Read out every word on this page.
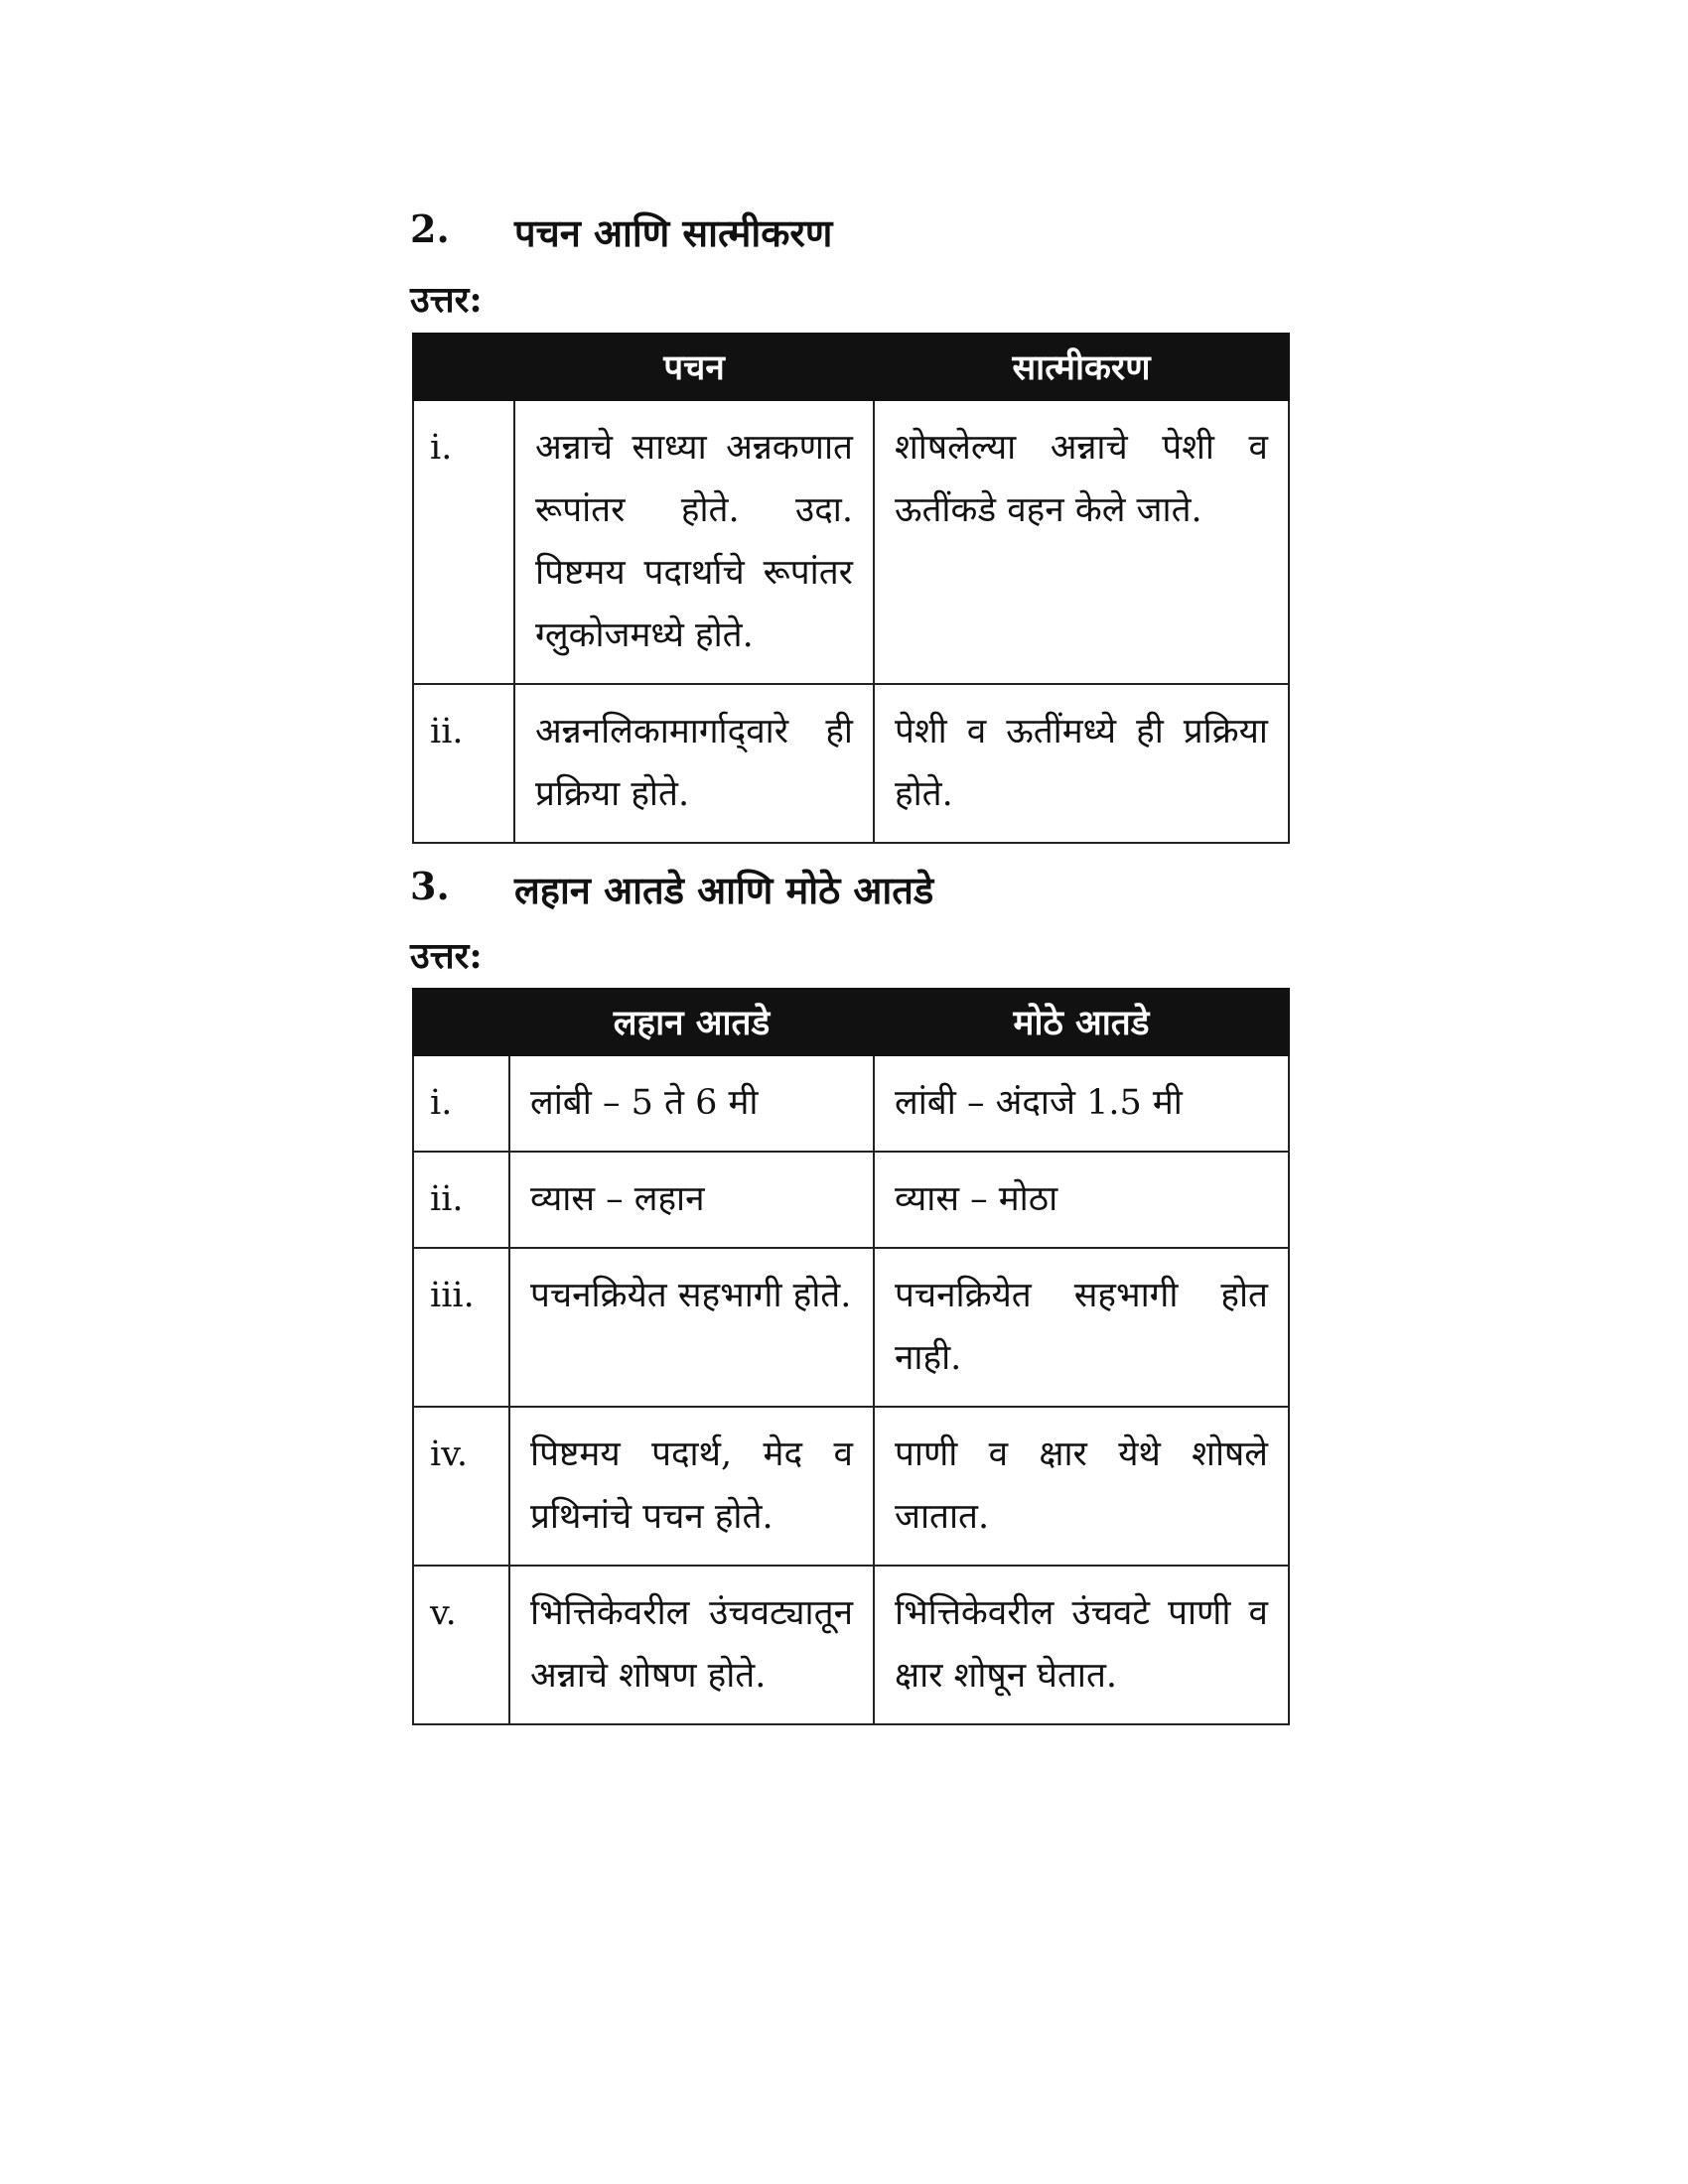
2.	पचन आणि सात्मीकरण
उत्तर:
	पचन	सात्मीकरण
i.	अन्नाचे साध्या अन्नकणात रूपांतर होते. उदा. पिष्टमय पदार्थाचे रूपांतर ग्लुकोजमध्ये होते.	शोषलेल्या अन्नाचे पेशी व ऊतींकडे वहन केले जाते.
ii.	अन्ननलिकामार्गाद्‌वारे ही प्रक्रिया होते.	पेशी व ऊतींमध्ये ही प्रक्रिया होते.
3.	लहान आतडे आणि मोठे आतडे
उत्तर:
	लहान आतडे	मोठे आतडे
i.	लांबी – 5 ते 6 मी	लांबी – अंदाजे 1.5 मी
ii.	व्यास – लहान	व्यास – मोठा
iii.	पचनक्रियेत सहभागी होते.	पचनक्रियेत सहभागी होत नाही.
iv.	पिष्टमय पदार्थ, मेद व प्रथिनांचे पचन होते.	पाणी व क्षार येथे शोषले जातात.
v.	भित्तिकेवरील उंचवट्यातून अन्नाचे शोषण होते.	भित्तिकेवरील उंचवटे पाणी व क्षार शोषून घेतात.
